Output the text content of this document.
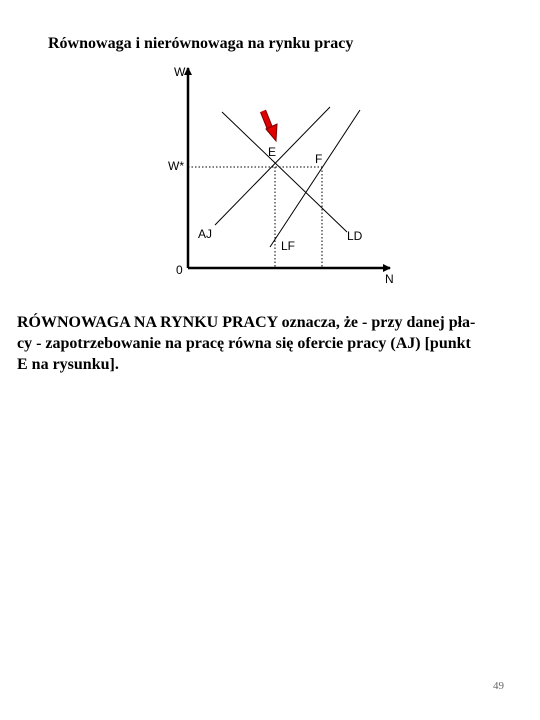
Równowaga i nierównowaga na rynku pracy
W
N
0
W*
E	F
AJ
LF
LD

RÓWNOWAGA NA RYNKU PRACY oznacza, że - przy danej pła-
cy - zapotrzebowanie na pracę równa się ofercie pracy (AJ) [punkt
E na rysunku].

49
